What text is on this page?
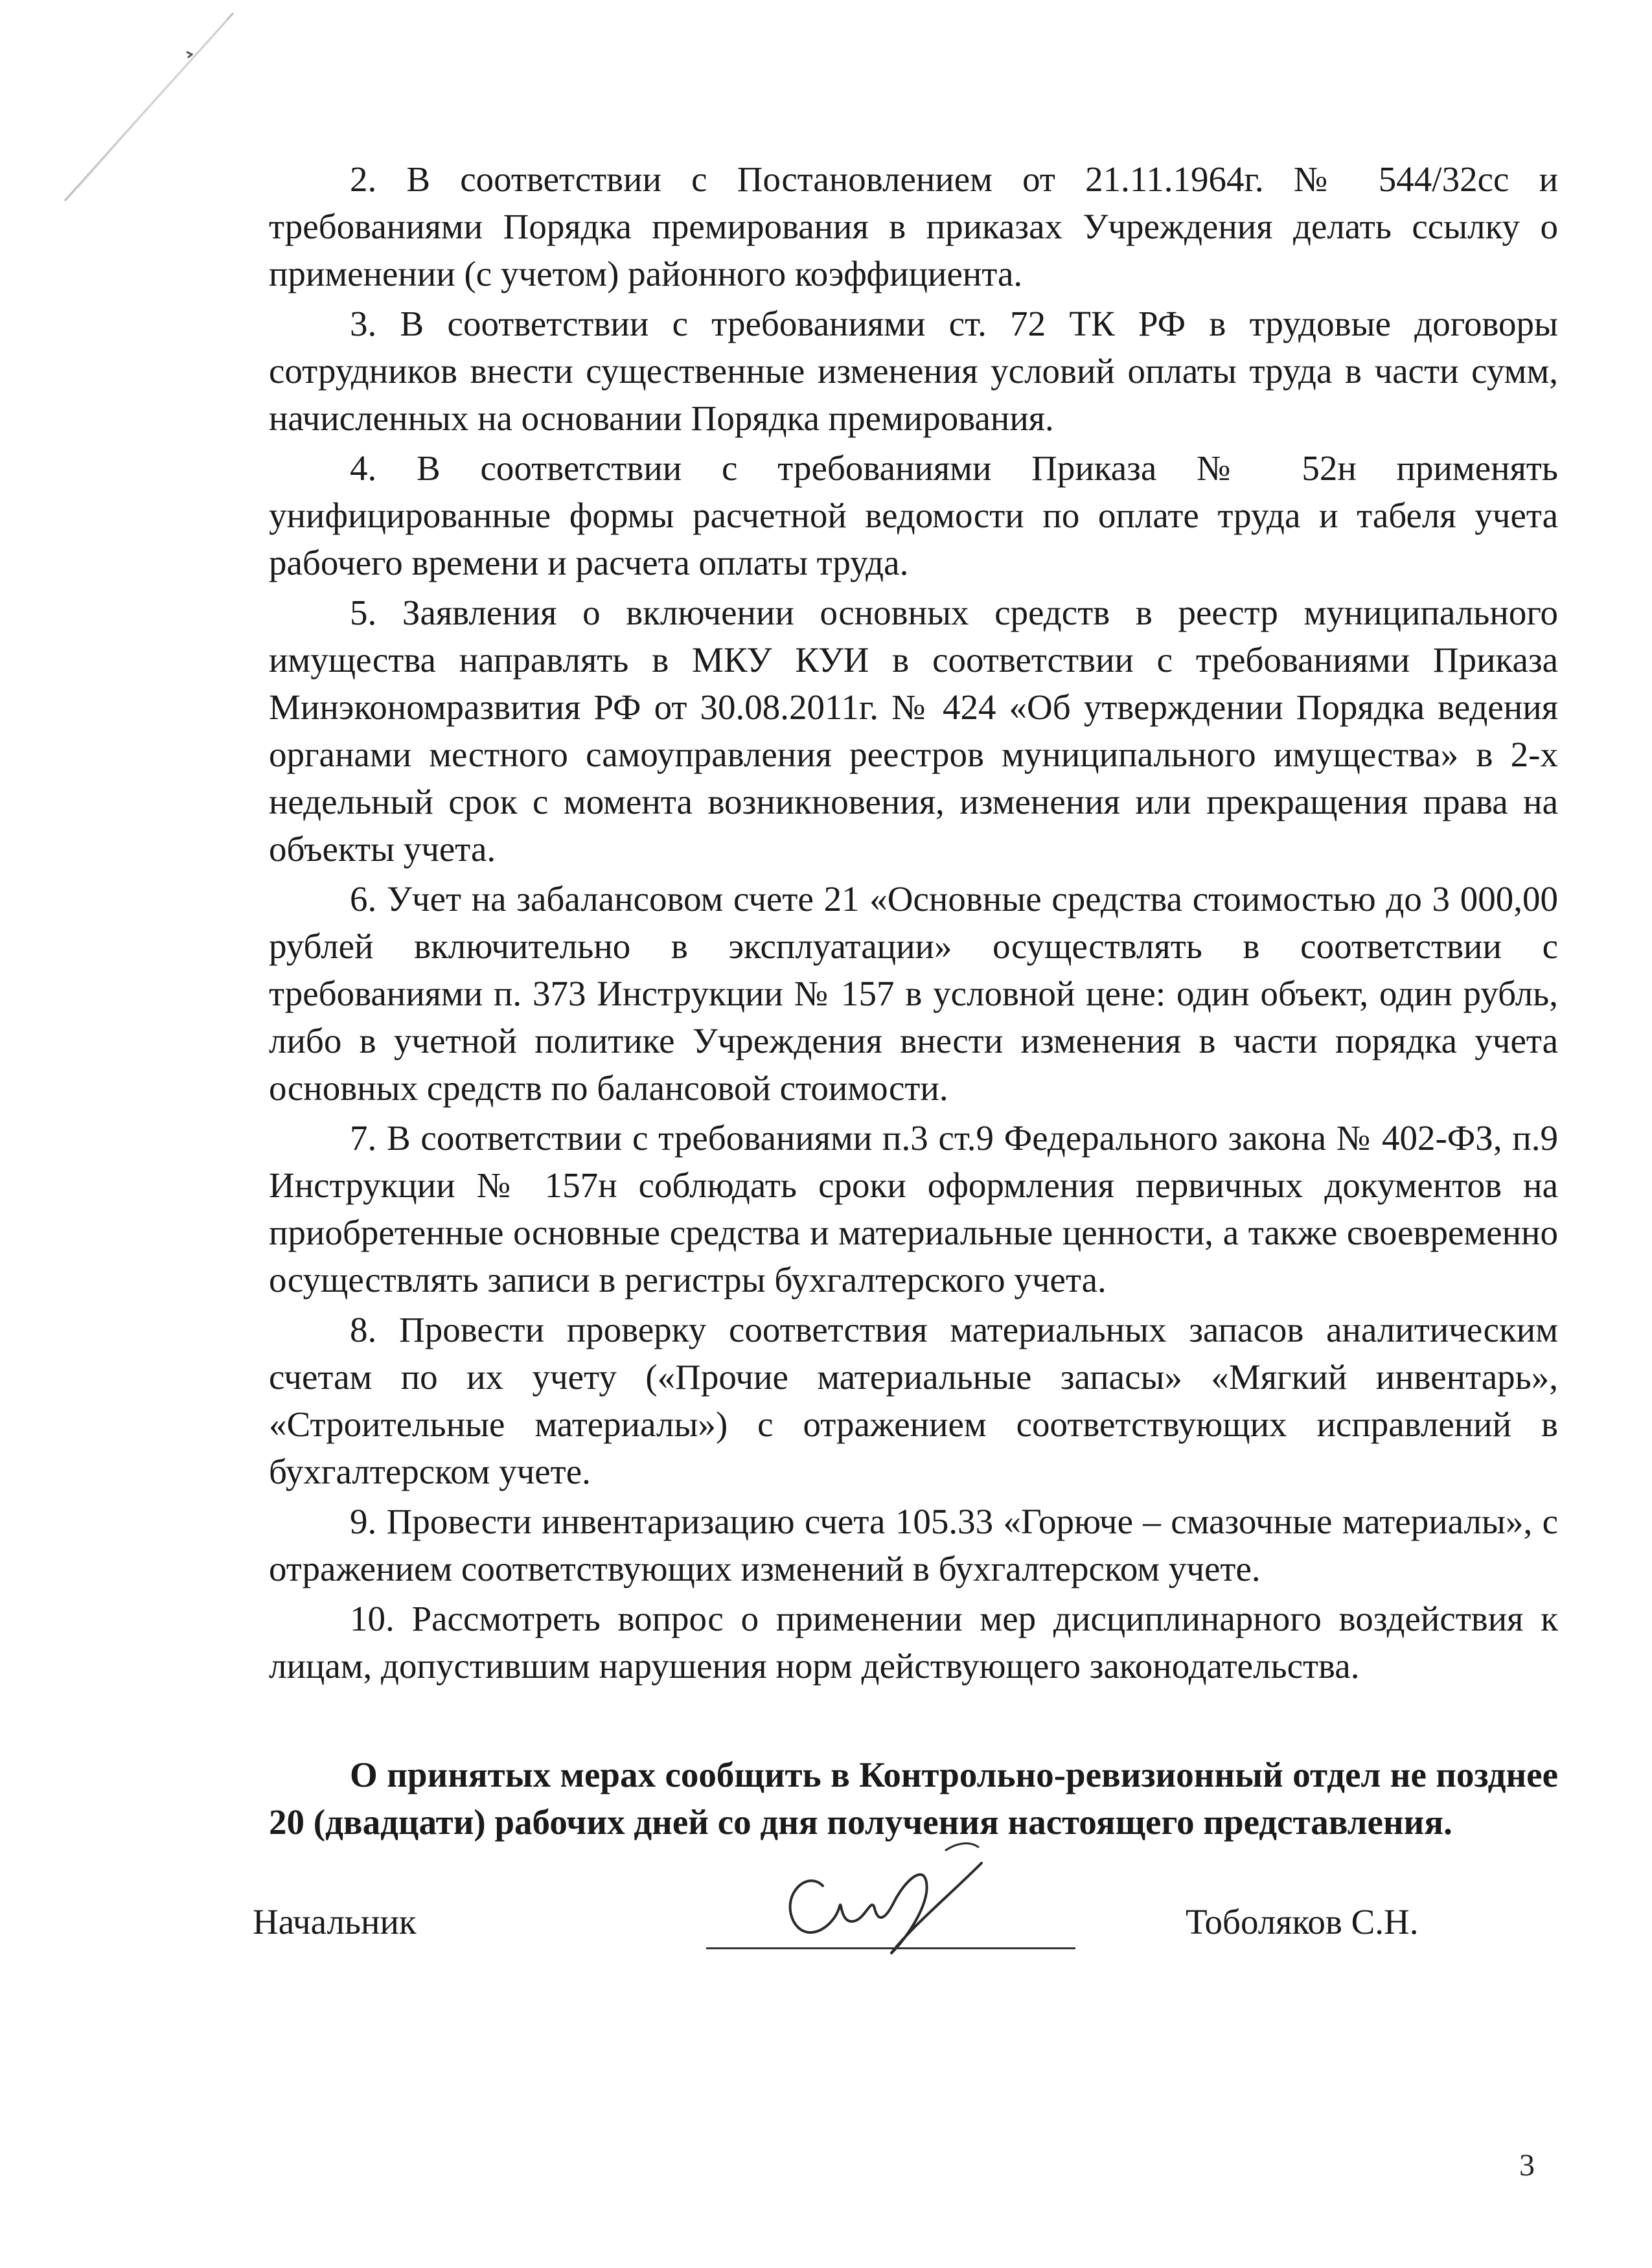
2. В соответствии с Постановлением от 21.11.1964г. № 544/32сс и требованиями Порядка премирования в приказах Учреждения делать ссылку о применении (с учетом) районного коэффициента.

3. В соответствии с требованиями ст. 72 ТК РФ в трудовые договоры сотрудников внести существенные изменения условий оплаты труда в части сумм, начисленных на основании Порядка премирования.

4. В соответствии с требованиями Приказа № 52н применять унифицированные формы расчетной ведомости по оплате труда и табеля учета рабочего времени и расчета оплаты труда.

5. Заявления о включении основных средств в реестр муниципального имущества направлять в МКУ КУИ в соответствии с требованиями Приказа Минэкономразвития РФ от 30.08.2011г. № 424 «Об утверждении Порядка ведения органами местного самоуправления реестров муниципального имущества» в 2-х недельный срок с момента возникновения, изменения или прекращения права на объекты учета.

6. Учет на забалансовом счете 21 «Основные средства стоимостью до 3 000,00 рублей включительно в эксплуатации» осуществлять в соответствии с требованиями п. 373 Инструкции № 157 в условной цене: один объект, один рубль, либо в учетной политике Учреждения внести изменения в части порядка учета основных средств по балансовой стоимости.

7. В соответствии с требованиями п.3 ст.9 Федерального закона № 402-ФЗ, п.9 Инструкции № 157н соблюдать сроки оформления первичных документов на приобретенные основные средства и материальные ценности, а также своевременно осуществлять записи в регистры бухгалтерского учета.

8. Провести проверку соответствия материальных запасов аналитическим счетам по их учету («Прочие материальные запасы» «Мягкий инвентарь», «Строительные материалы») с отражением соответствующих исправлений в бухгалтерском учете.

9. Провести инвентаризацию счета 105.33 «Горюче – смазочные материалы», с отражением соответствующих изменений в бухгалтерском учете.

10. Рассмотреть вопрос о применении мер дисциплинарного воздействия к лицам, допустившим нарушения норм действующего законодательства.

О принятых мерах сообщить в Контрольно-ревизионный отдел не позднее 20 (двадцати) рабочих дней со дня получения настоящего представления.

Начальник	Тоболяков С.Н.
3
